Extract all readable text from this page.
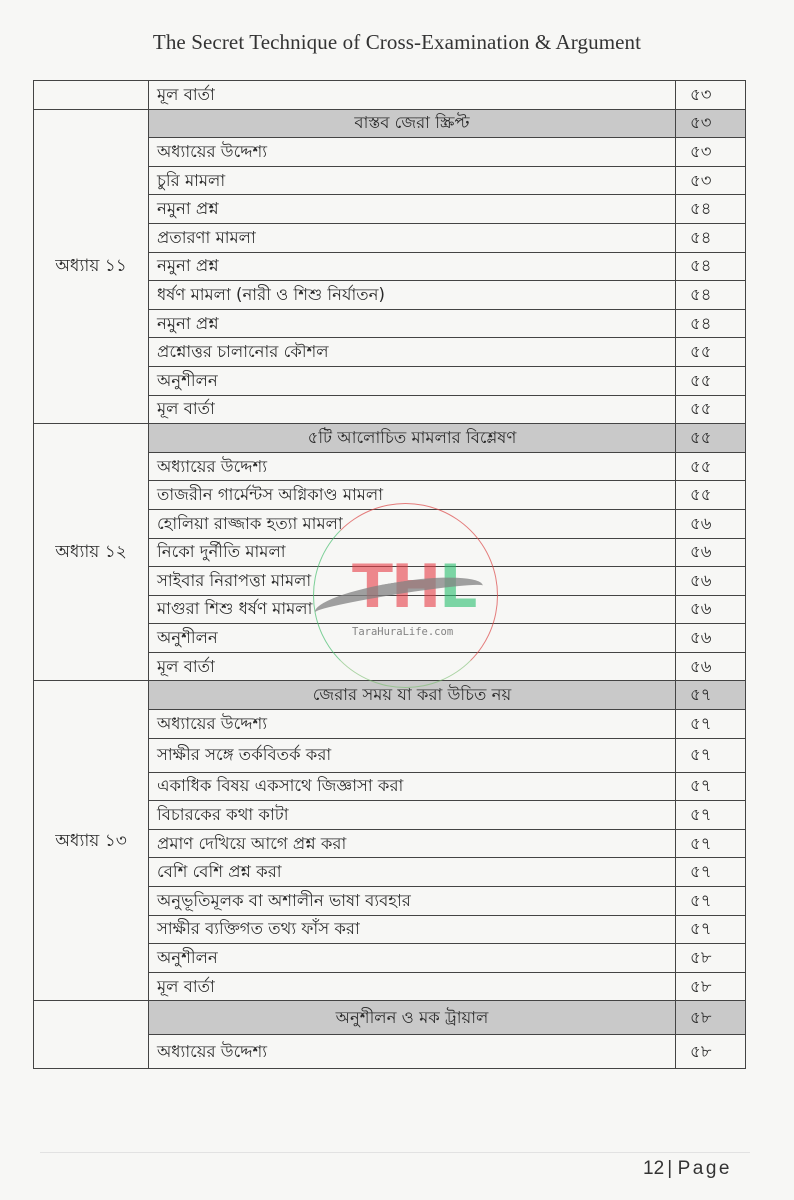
The Secret Technique of Cross-Examination & Argument
	মূল বার্তা	৫৩
অধ্যায় ১১	বাস্তব জেরা স্ক্রিপ্ট	৫৩
	অধ্যায়ের উদ্দেশ্য	৫৩
	চুরি মামলা	৫৩
	নমুনা প্রশ্ন	৫৪
	প্রতারণা মামলা	৫৪
	নমুনা প্রশ্ন	৫৪
	ধর্ষণ মামলা (নারী ও শিশু নির্যাতন)	৫৪
	নমুনা প্রশ্ন	৫৪
	প্রশ্নোত্তর চালানোর কৌশল	৫৫
	অনুশীলন	৫৫
	মূল বার্তা	৫৫
অধ্যায় ১২	৫টি আলোচিত মামলার বিশ্লেষণ	৫৫
	অধ্যায়ের উদ্দেশ্য	৫৫
	তাজরীন গার্মেন্টস অগ্নিকাণ্ড মামলা	৫৫
	হোলিয়া রাজ্জাক হত্যা মামলা	৫৬
	নিকো দুর্নীতি মামলা	৫৬
	সাইবার নিরাপত্তা মামলা	৫৬
	মাগুরা শিশু ধর্ষণ মামলা	৫৬
	অনুশীলন	৫৬
	মূল বার্তা	৫৬
অধ্যায় ১৩	জেরার সময় যা করা উচিত নয়	৫৭
	অধ্যায়ের উদ্দেশ্য	৫৭
	সাক্ষীর সঙ্গে তর্কবিতর্ক করা	৫৭
	একাধিক বিষয় একসাথে জিজ্ঞাসা করা	৫৭
	বিচারকের কথা কাটা	৫৭
	প্রমাণ দেখিয়ে আগে প্রশ্ন করা	৫৭
	বেশি বেশি প্রশ্ন করা	৫৭
	অনুভূতিমূলক বা অশালীন ভাষা ব্যবহার	৫৭
	সাক্ষীর ব্যক্তিগত তথ্য ফাঁস করা	৫৭
	অনুশীলন	৫৮
	মূল বার্তা	৫৮
	অনুশীলন ও মক ট্রায়াল	৫৮
	অধ্যায়ের উদ্দেশ্য	৫৮
THL
TaraHuraLife.com
12 | Page
